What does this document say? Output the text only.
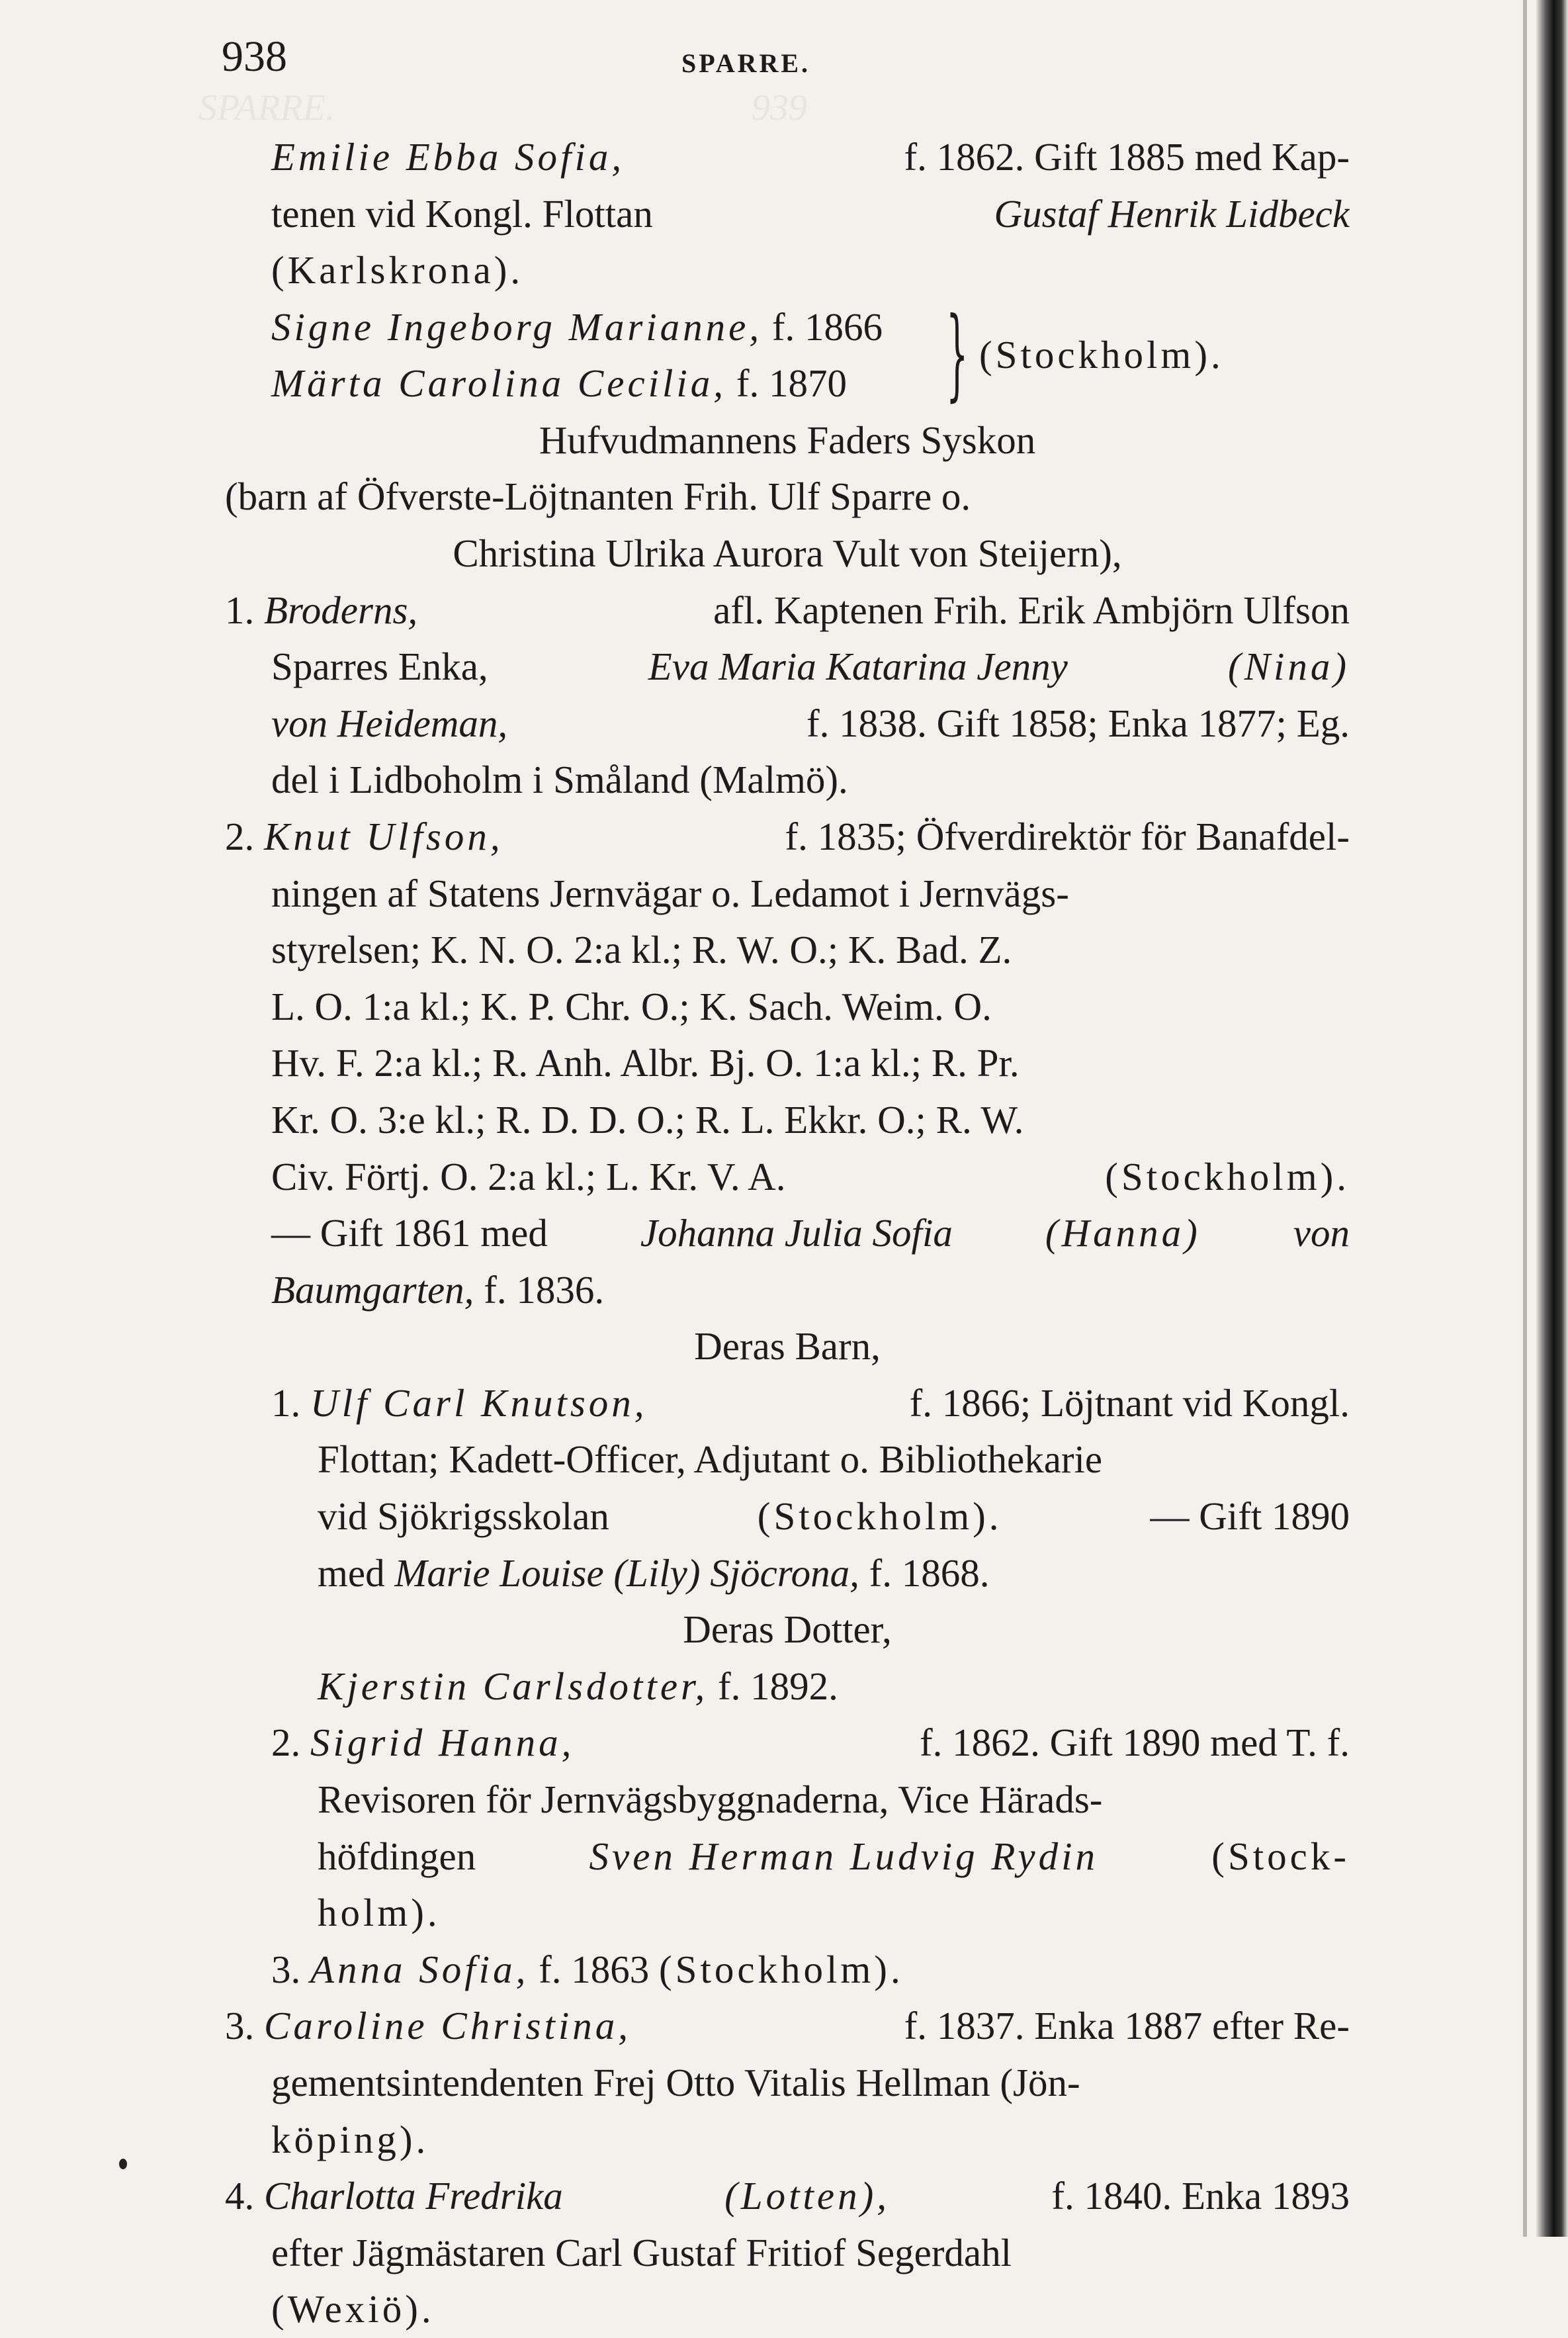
SPARRE.	939
938	SPARRE.
Emilie Ebba Sofia,	f. 1862. Gift 1885 med Kap-
tenen vid Kongl. Flottan	Gustaf Henrik Lidbeck
(Karlskrona).
Signe Ingeborg Marianne, f. 1866
Märta Carolina Cecilia, f. 1870 } (Stockholm).
Hufvudmannens Faders Syskon
(barn af Öfverste-Löjtnanten Frih. Ulf Sparre o.
Christina Ulrika Aurora Vult von Steijern),
1. Broderns,	afl. Kaptenen Frih. Erik Ambjörn Ulfson
Sparres Enka,	Eva Maria Katarina Jenny	(Nina)
von Heideman,	f. 1838. Gift 1858; Enka 1877; Eg.
del i Lidboholm i Småland (Malmö).
2. Knut Ulfson,	f. 1835; Öfverdirektör för Banafdel-
ningen af Statens Jernvägar o. Ledamot i Jernvägs-
styrelsen; K. N. O. 2:a kl.; R. W. O.; K. Bad. Z.
L. O. 1:a kl.; K. P. Chr. O.; K. Sach. Weim. O.
Hv. F. 2:a kl.; R. Anh. Albr. Bj. O. 1:a kl.; R. Pr.
Kr. O. 3:e kl.; R. D. D. O.; R. L. Ekkr. O.; R. W.
Civ. Förtj. O. 2:a kl.; L. Kr. V. A.	(Stockholm).
— Gift 1861 med Johanna Julia Sofia (Hanna) von
Baumgarten, f. 1836.
Deras Barn,
1. Ulf Carl Knutson,	f. 1866; Löjtnant vid Kongl.
Flottan; Kadett-Officer, Adjutant o. Bibliothekarie
vid Sjökrigsskolan	(Stockholm).	— Gift 1890
med Marie Louise (Lily) Sjöcrona, f. 1868.
Deras Dotter,
Kjerstin Carlsdotter, f. 1892.
2. Sigrid Hanna,	f. 1862. Gift 1890 med T. f.
Revisoren för Jernvägsbyggnaderna, Vice Härads-
höfdingen	Sven Herman Ludvig Rydin	(Stock-
holm).
3. Anna Sofia, f. 1863 (Stockholm).
3. Caroline Christina,	f. 1837. Enka 1887 efter Re-
gementsintendenten Frej Otto Vitalis Hellman (Jön-
köping).
4. Charlotta Fredrika	(Lotten),	f. 1840. Enka 1893
efter Jägmästaren Carl Gustaf Fritiof Segerdahl
(Wexiö).
